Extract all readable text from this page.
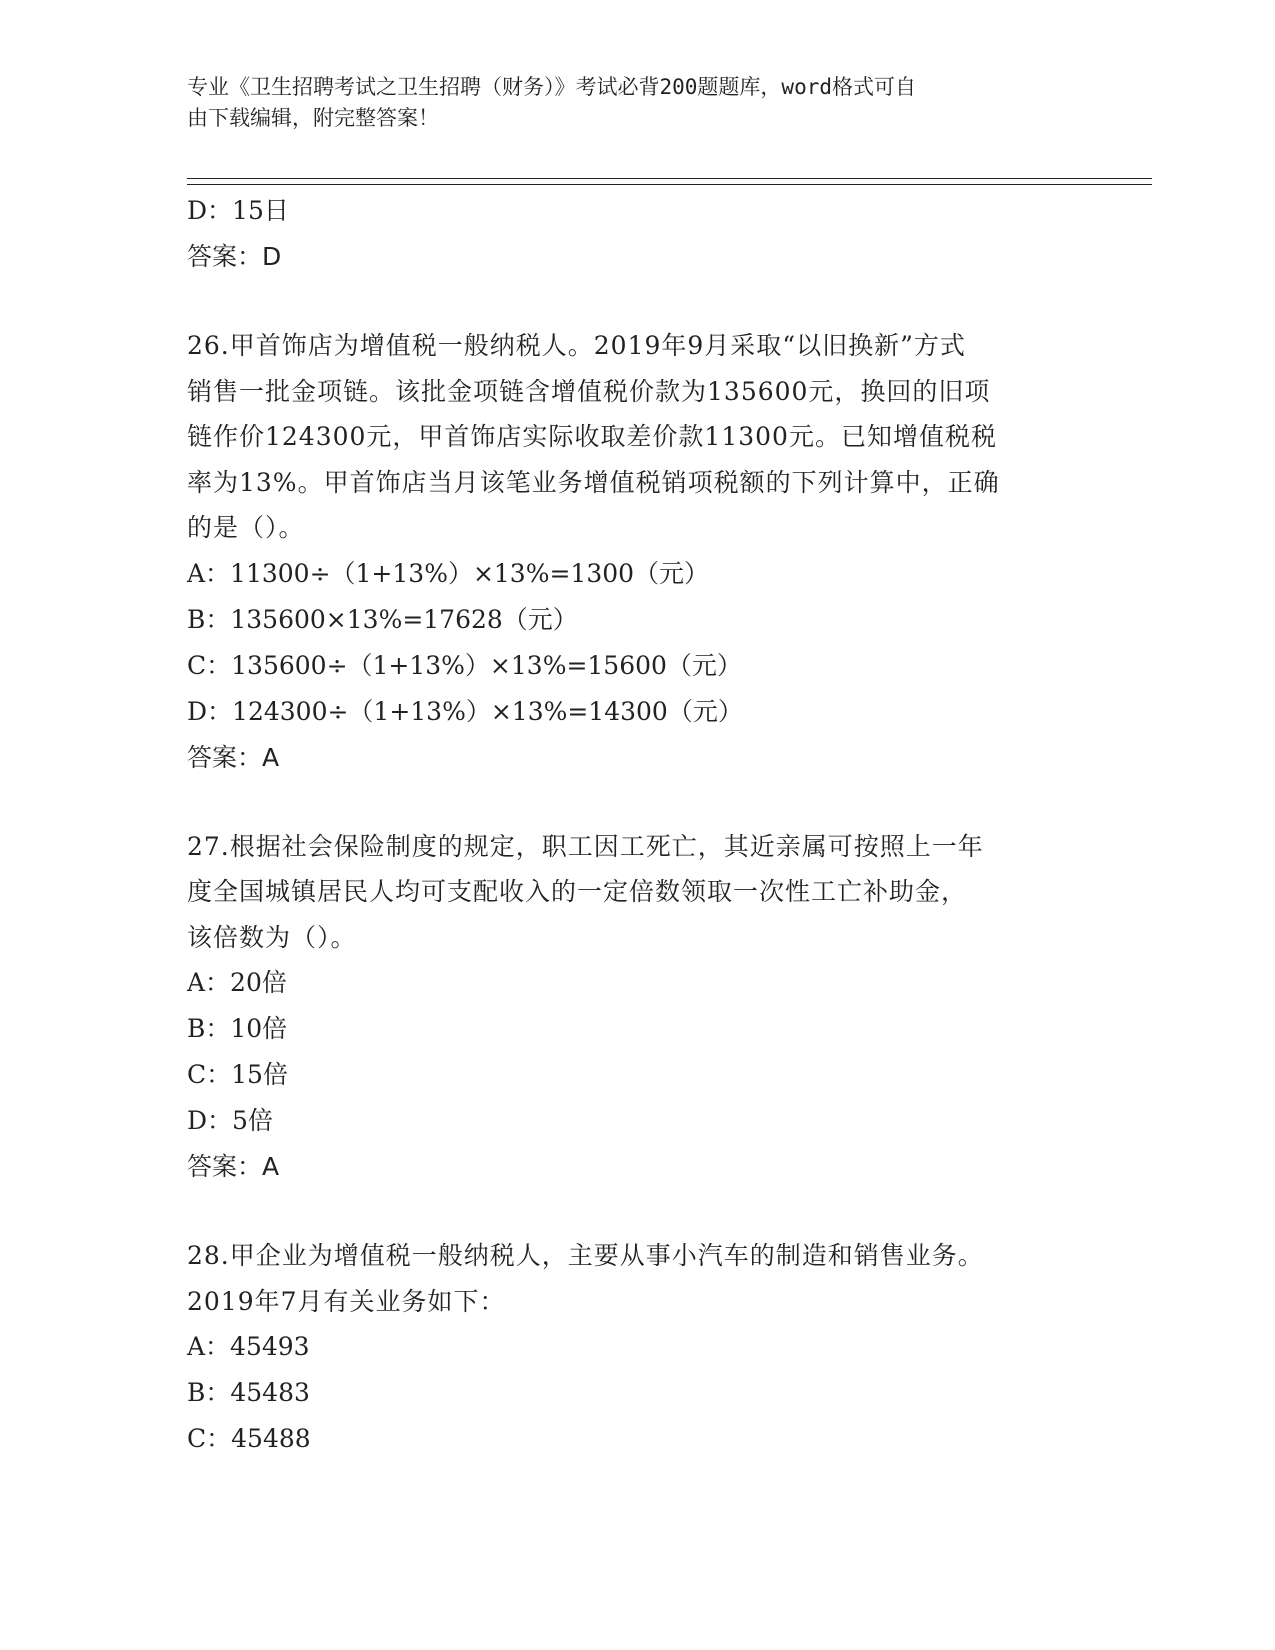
专业《卫生招聘考试之卫生招聘（财务）》考试必背200题题库，word格式可自
由下载编辑，附完整答案！
D：15日
答案：D
26.甲首饰店为增值税一般纳税人。2019年9月采取“以旧换新”方式
销售一批金项链。该批金项链含增值税价款为135600元，换回的旧项
链作价124300元，甲首饰店实际收取差价款11300元。已知增值税税
率为13%。甲首饰店当月该笔业务增值税销项税额的下列计算中，正确
的是（）。
A：11300÷（1+13%）×13%=1300（元）
B：135600×13%=17628（元）
C：135600÷（1+13%）×13%=15600（元）
D：124300÷（1+13%）×13%=14300（元）
答案：A
27.根据社会保险制度的规定，职工因工死亡，其近亲属可按照上一年
度全国城镇居民人均可支配收入的一定倍数领取一次性工亡补助金，
该倍数为（）。
A：20倍
B：10倍
C：15倍
D：5倍
答案：A
28.甲企业为增值税一般纳税人，主要从事小汽车的制造和销售业务。
2019年7月有关业务如下：
A：45493
B：45483
C：45488
